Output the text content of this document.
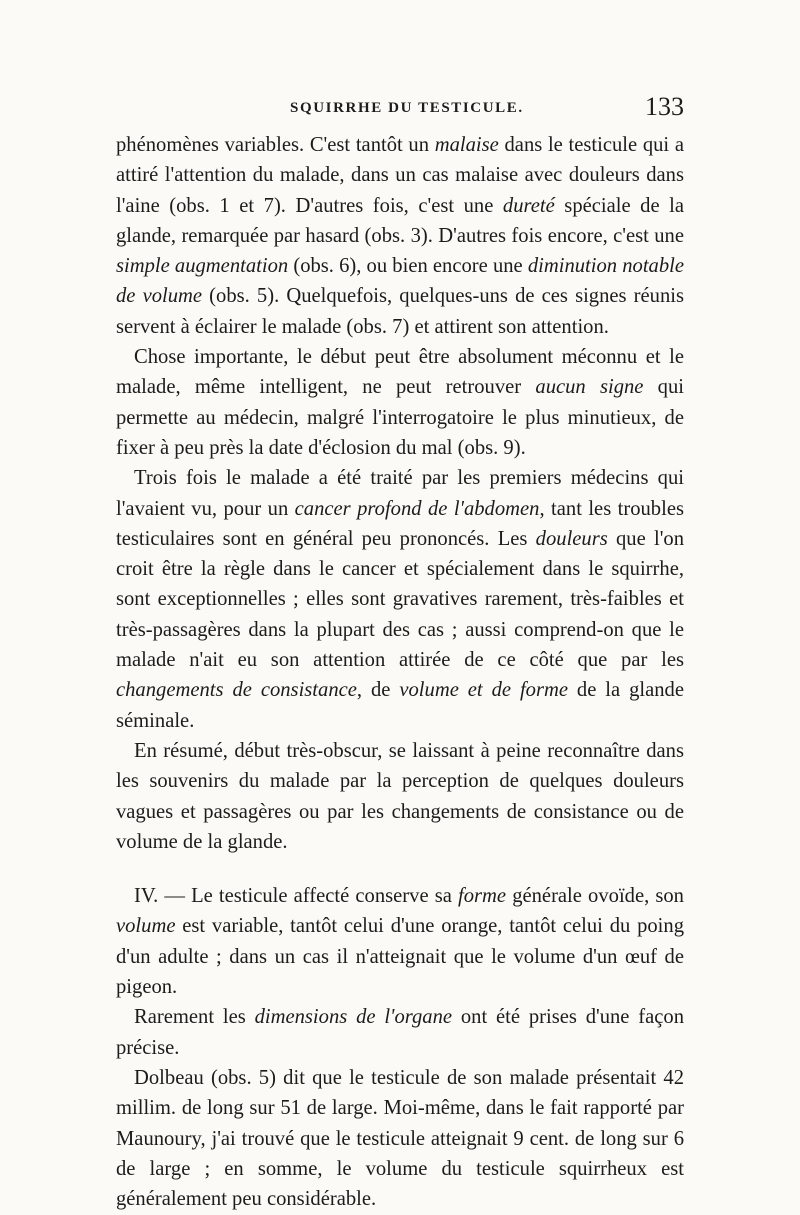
SQUIRRHE DU TESTICULE.	133

phénomènes variables. C'est tantôt un malaise dans le testicule qui a attiré l'attention du malade, dans un cas malaise avec douleurs dans l'aine (obs. 1 et 7). D'autres fois, c'est une dureté spéciale de la glande, remarquée par hasard (obs. 3). D'autres fois encore, c'est une simple augmentation (obs. 6), ou bien encore une diminution notable de volume (obs. 5). Quelquefois, quelques-uns de ces signes réunis servent à éclairer le malade (obs. 7) et attirent son attention.

Chose importante, le début peut être absolument méconnu et le malade, même intelligent, ne peut retrouver aucun signe qui permette au médecin, malgré l'interrogatoire le plus minutieux, de fixer à peu près la date d'éclosion du mal (obs. 9).

Trois fois le malade a été traité par les premiers médecins qui l'avaient vu, pour un cancer profond de l'abdomen, tant les troubles testiculaires sont en général peu prononcés. Les douleurs que l'on croit être la règle dans le cancer et spécialement dans le squirrhe, sont exceptionnelles ; elles sont gravatives rarement, très-faibles et très-passagères dans la plupart des cas ; aussi comprend-on que le malade n'ait eu son attention attirée de ce côté que par les changements de consistance, de volume et de forme de la glande séminale.

En résumé, début très-obscur, se laissant à peine reconnaître dans les souvenirs du malade par la perception de quelques douleurs vagues et passagères ou par les changements de consistance ou de volume de la glande.

IV. — Le testicule affecté conserve sa forme générale ovoïde, son volume est variable, tantôt celui d'une orange, tantôt celui du poing d'un adulte ; dans un cas il n'atteignait que le volume d'un œuf de pigeon.

Rarement les dimensions de l'organe ont été prises d'une façon précise.

Dolbeau (obs. 5) dit que le testicule de son malade présentait 42 millim. de long sur 51 de large. Moi-même, dans le fait rapporté par Maunoury, j'ai trouvé que le testicule atteignait 9 cent. de long sur 6 de large ; en somme, le volume du testicule squirrheux est généralement peu considérable.
